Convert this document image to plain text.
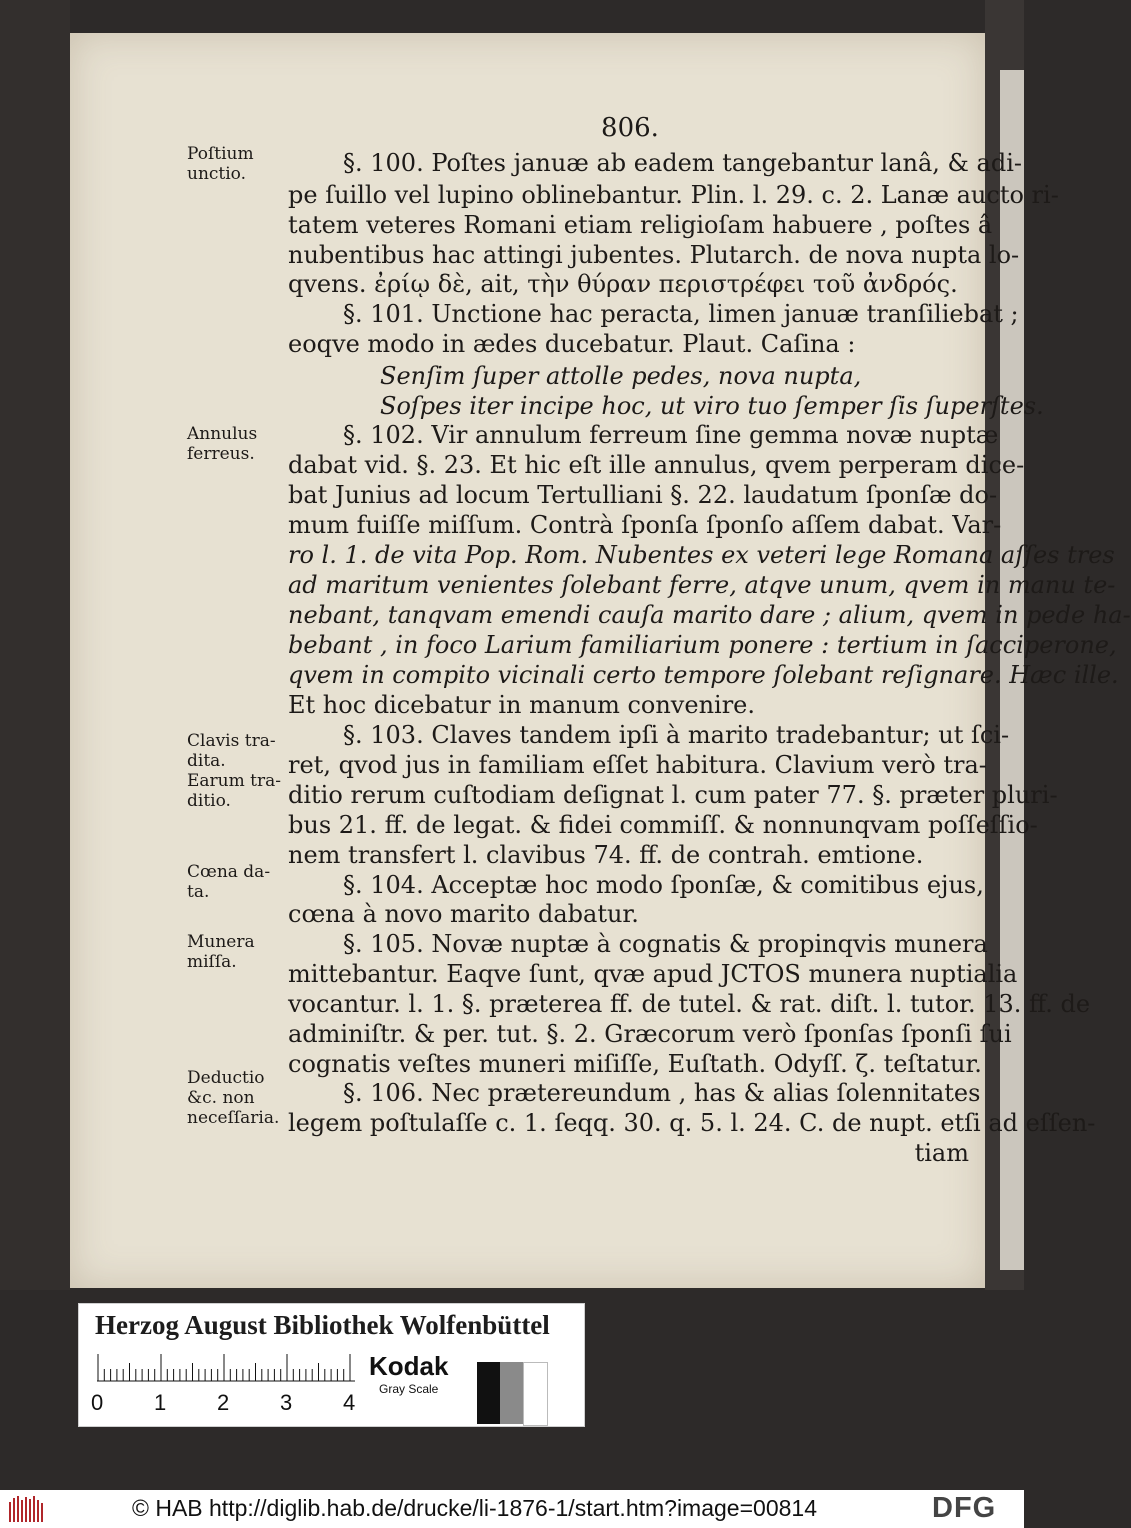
806.
Poſtium
unctio.
Annulus
ferreus.
Clavis tra-
dita.
Earum tra-
ditio.
Cœna da-
ta.
Munera
miſſa.
Deductio
&c. non
neceſſaria.
§. 100. Poſtes januæ ab eadem tangebantur lanâ, & adi-
pe ſuillo vel lupino oblinebantur. Plin. l. 29. c. 2. Lanæ aucto ri-
tatem veteres Romani etiam religioſam habuere , poſtes â
nubentibus hac attingi jubentes. Plutarch. de nova nupta lo-
qvens. ἐρίῳ δὲ, ait, τὴν θύραν περιστρέφει τοῦ ἀνδρός.
§. 101. Unctione hac peracta, limen januæ tranſiliebat ;
eoqve modo in ædes ducebatur. Plaut. Caſina :
Senſim ſuper attolle pedes, nova nupta,
Soſpes iter incipe hoc, ut viro tuo ſemper ſis ſuperſtes.
§. 102. Vir annulum ferreum ſine gemma novæ nuptæ
dabat vid. §. 23. Et hic eſt ille annulus, qvem perperam dice-
bat Junius ad locum Tertulliani §. 22. laudatum ſponſæ do-
mum fuiſſe miſſum. Contrà ſponſa ſponſo aſſem dabat. Var-
ro l. 1. de vita Pop. Rom. Nubentes ex veteri lege Romana aſſes tres
ad maritum venientes ſolebant ferre, atqve unum, qvem in manu te-
nebant, tanqvam emendi cauſa marito dare ; alium, qvem in pede ha-
bebant , in foco Larium familiarium ponere : tertium in ſacciperone,
qvem in compito vicinali certo tempore ſolebant reſignare. Hæc ille.
Et hoc dicebatur in manum convenire.
§. 103. Claves tandem ipſi à marito tradebantur; ut ſci-
ret, qvod jus in familiam eſſet habitura. Clavium verò tra-
ditio rerum cuſtodiam deſignat l. cum pater 77. §. præter pluri-
bus 21. ff. de legat. & fidei commiſſ. & nonnunqvam poſſeſſio-
nem transfert l. clavibus 74. ff. de contrah. emtione.
§. 104. Acceptæ hoc modo ſponſæ, & comitibus ejus,
cœna à novo marito dabatur.
§. 105. Novæ nuptæ à cognatis & propinqvis munera
mittebantur. Eaqve ſunt, qvæ apud JCTOS munera nuptialia
vocantur. l. 1. §. præterea ff. de tutel. & rat. diſt. l. tutor. 13. ff. de
adminiſtr. & per. tut. §. 2. Græcorum verò ſponſas ſponſi ſui
cognatis veſtes muneri miſiſſe, Euſtath. Odyſſ. ζ. teſtatur.
§. 106. Nec prætereundum , has & alias ſolennitates
legem poſtulaſſe c. 1. ſeqq. 30. q. 5. l. 24. C. de nupt. etſi ad eſſen-
tiam
Herzog August Bibliothek Wolfenbüttel
0 1 2 3 4
Kodak
Gray Scale
© HAB http://diglib.hab.de/drucke/li-1876-1/start.htm?image=00814	DFG
